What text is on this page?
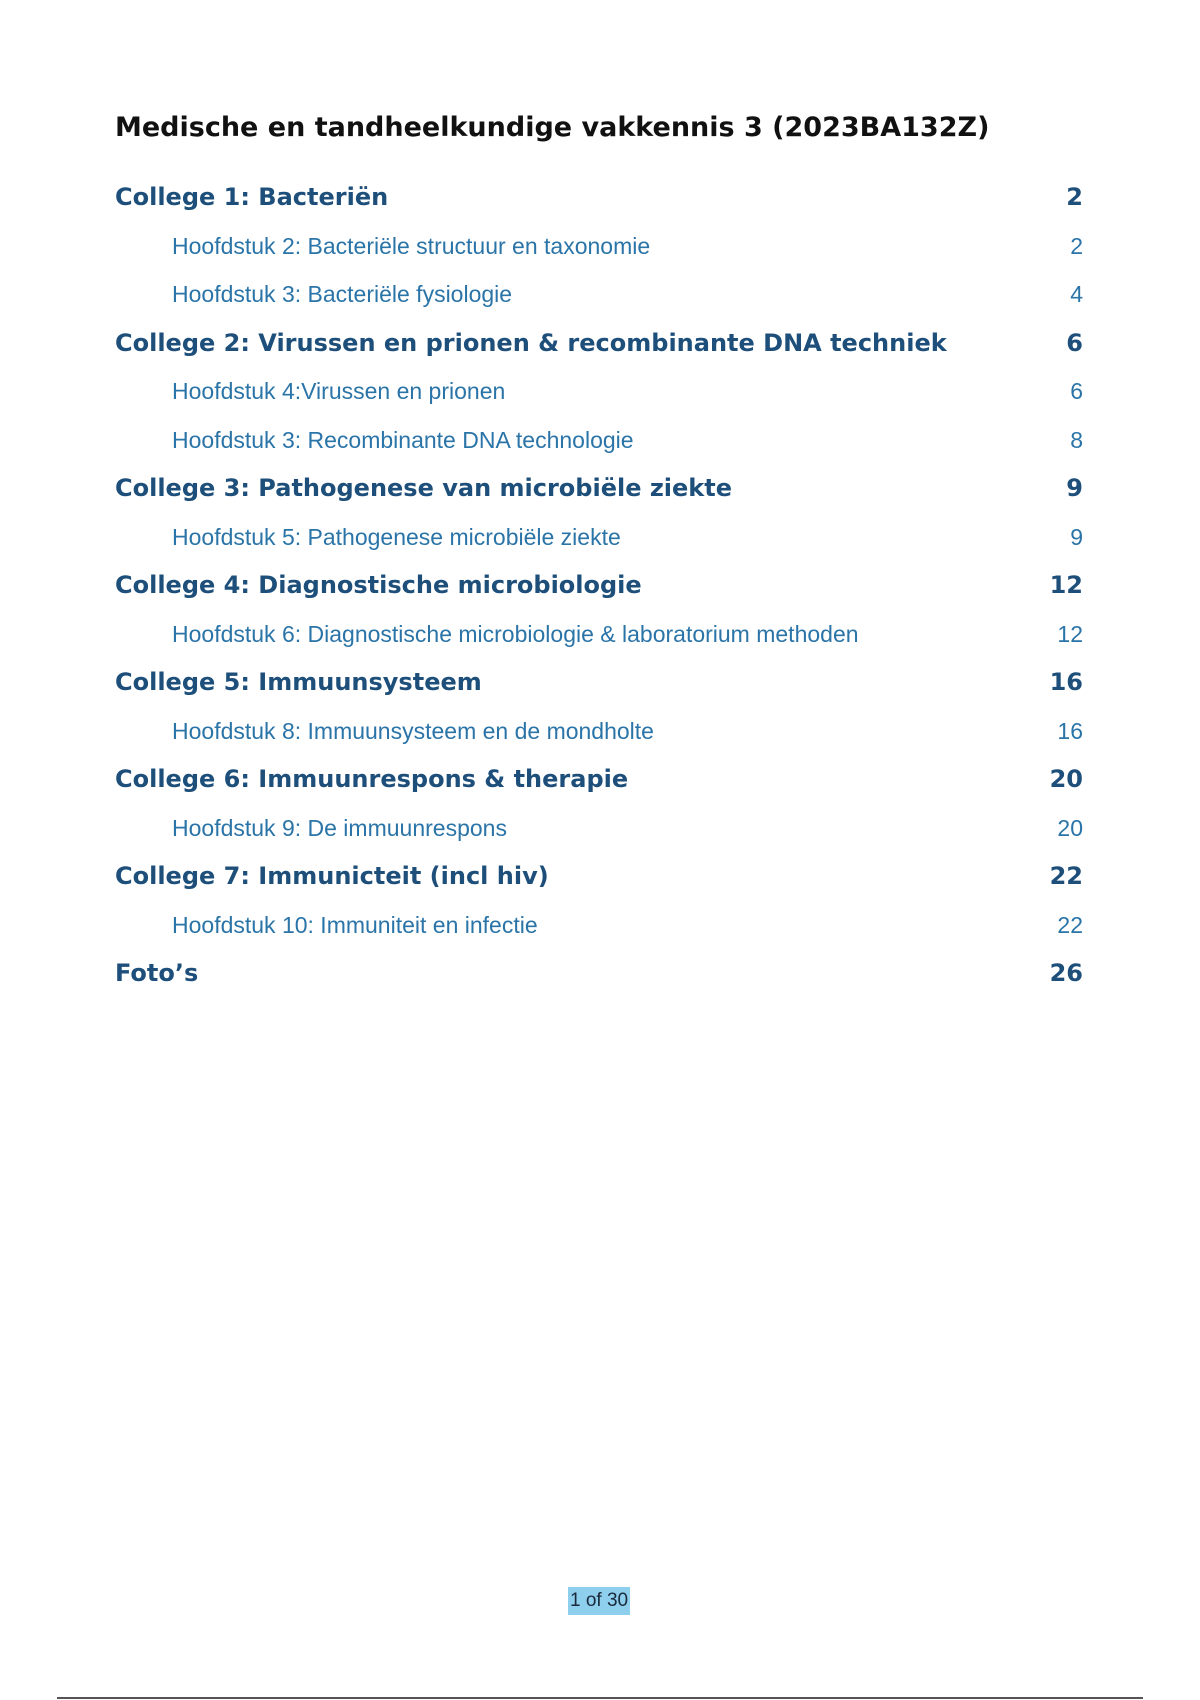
Medische en tandheelkundige vakkennis 3 (2023BA132Z)
College 1: Bacteriën	2
Hoofdstuk 2: Bacteriële structuur en taxonomie	2
Hoofdstuk 3: Bacteriële fysiologie	4
College 2: Virussen en prionen & recombinante DNA techniek	6
Hoofdstuk 4:Virussen en prionen	6
Hoofdstuk 3: Recombinante DNA technologie	8
College 3: Pathogenese van microbiële ziekte	9
Hoofdstuk 5: Pathogenese microbiële ziekte	9
College 4: Diagnostische microbiologie	12
Hoofdstuk 6: Diagnostische microbiologie & laboratorium methoden	12
College 5: Immuunsysteem	16
Hoofdstuk 8: Immuunsysteem en de mondholte	16
College 6: Immuunrespons & therapie	20
Hoofdstuk 9: De immuunrespons	20
College 7: Immunicteit (incl hiv)	22
Hoofdstuk 10: Immuniteit en infectie	22
Foto’s	26
1 of 30
